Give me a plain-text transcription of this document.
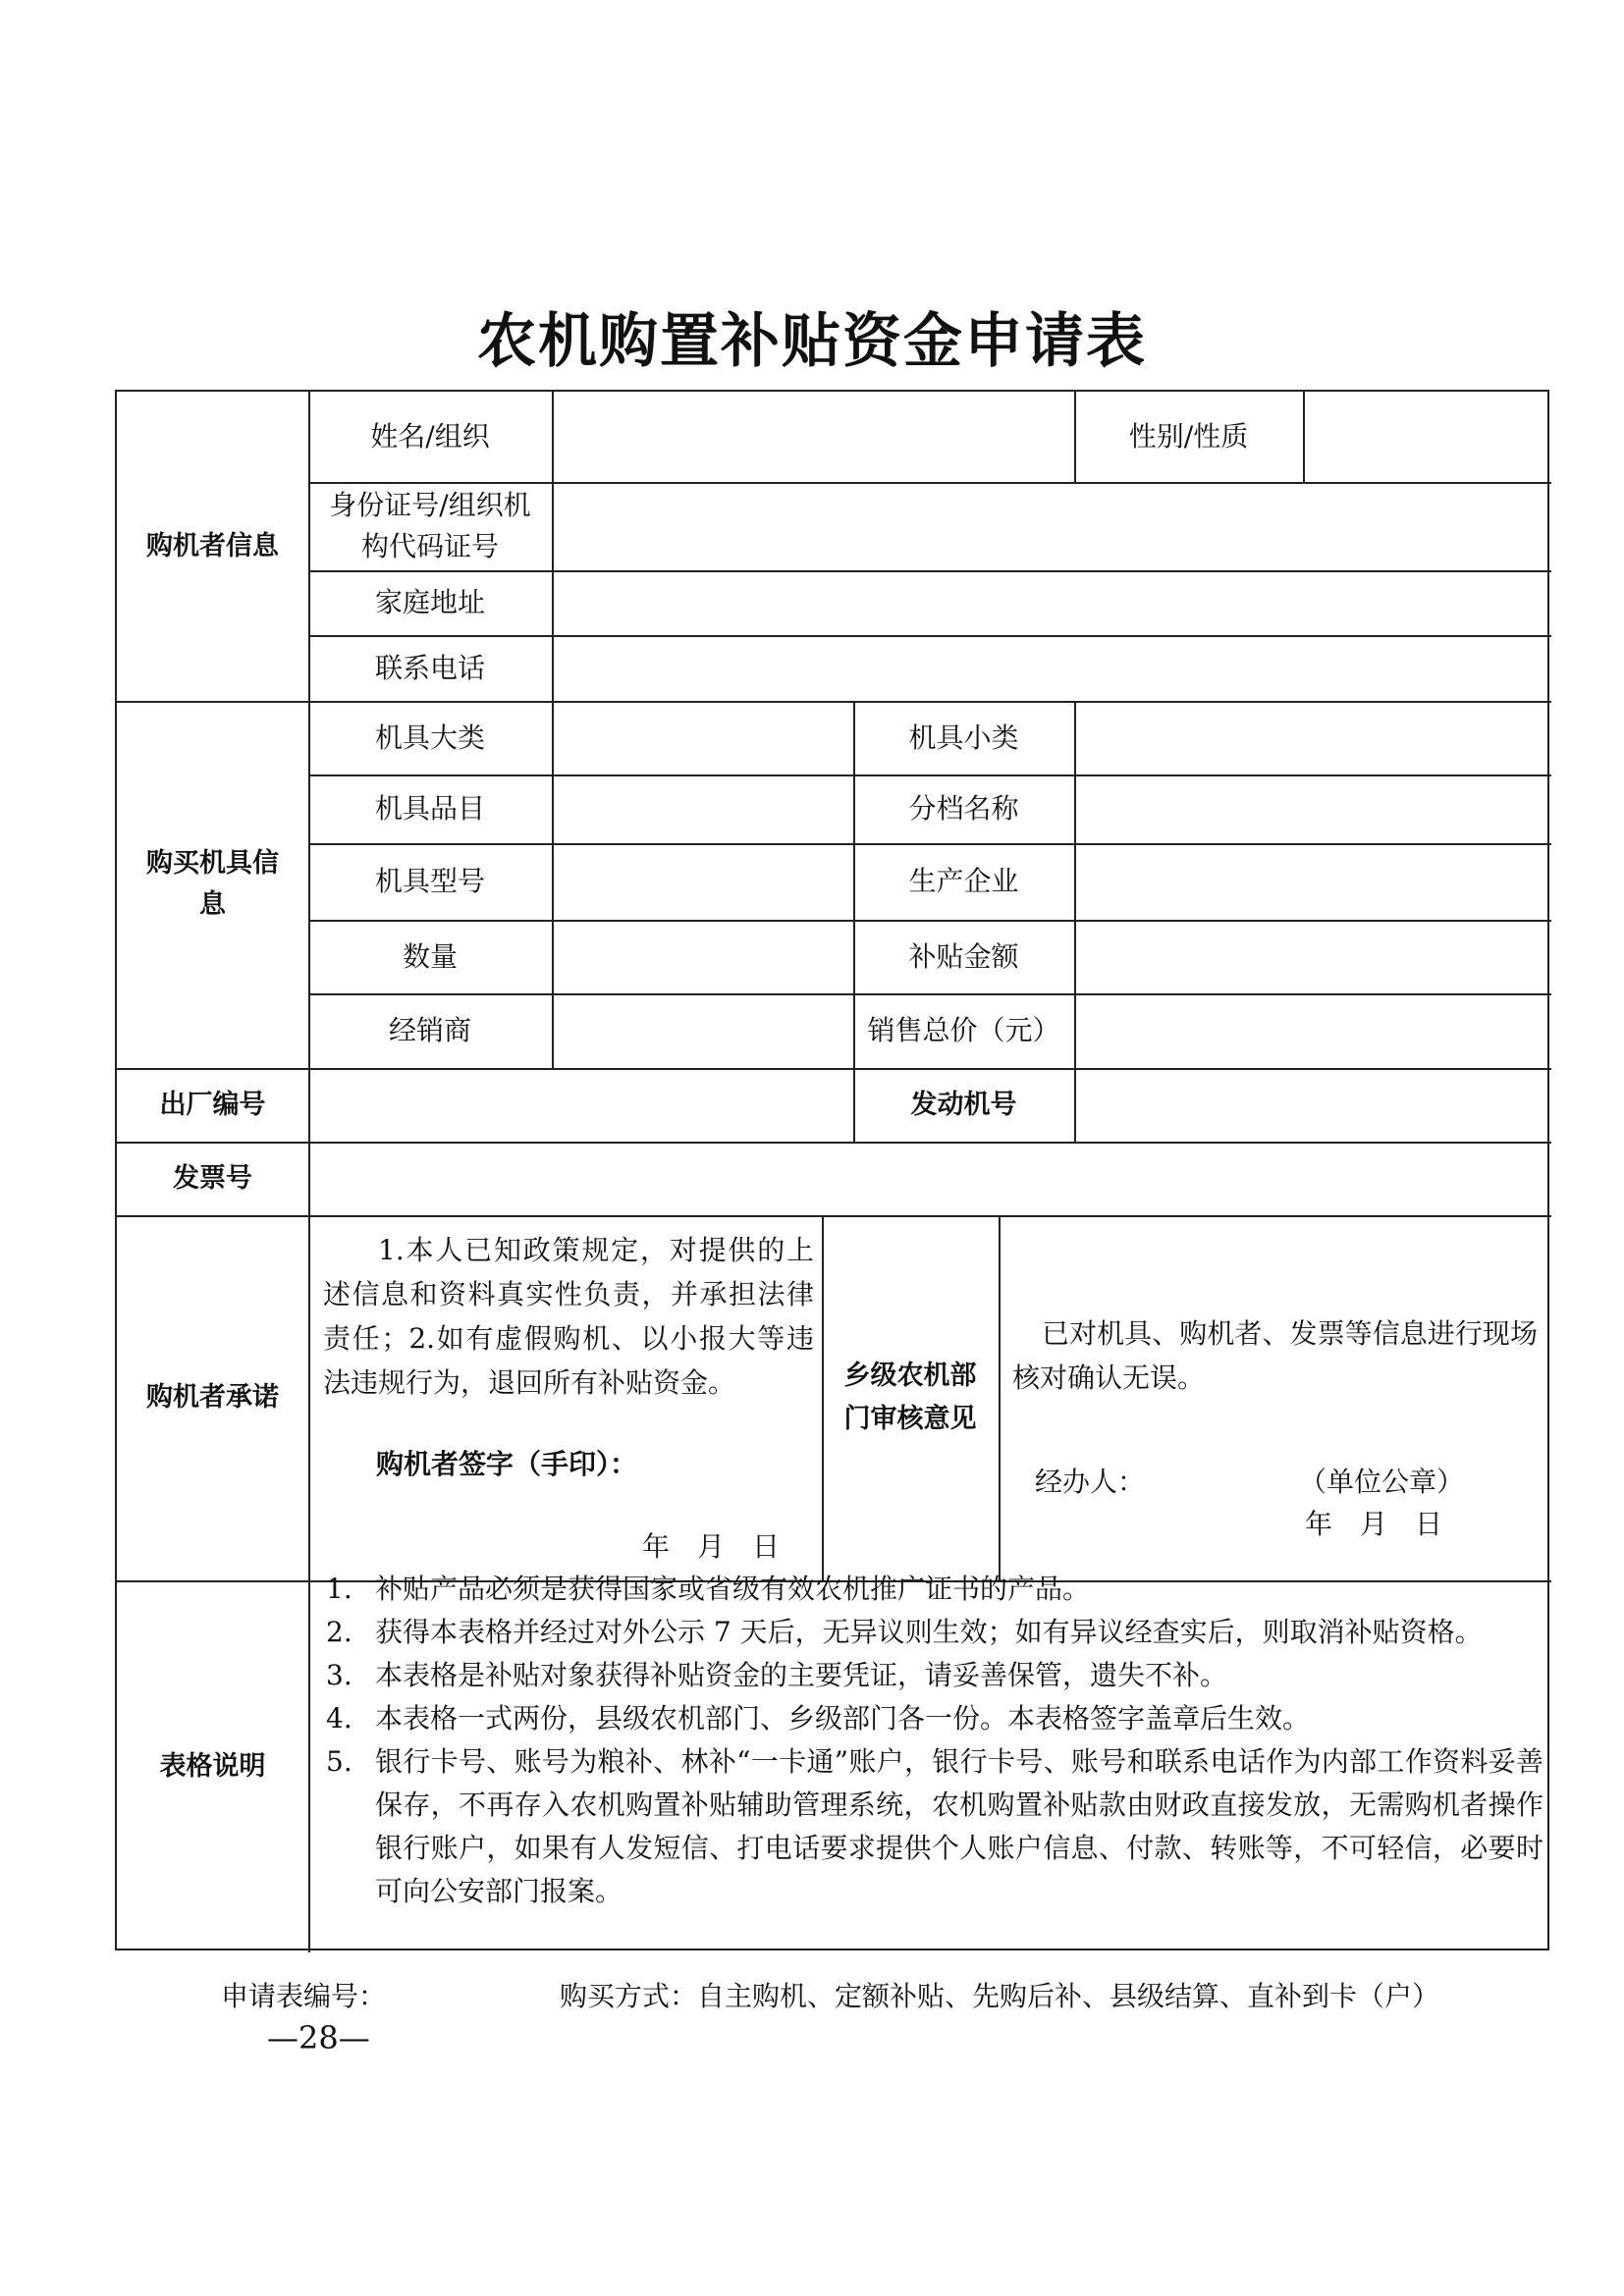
农机购置补贴资金申请表
购机者信息
姓名/组织	性别/性质
身份证号/组织机构代码证号
家庭地址
联系电话
购买机具信息
机具大类	机具小类
机具品目	分档名称
机具型号	生产企业
数量	补贴金额
经销商	销售总价（元）
出厂编号	发动机号
发票号
购机者承诺
1.本人已知政策规定，对提供的上述信息和资料真实性负责，并承担法律责任；2.如有虚假购机、以小报大等违法违规行为，退回所有补贴资金。
购机者签字（手印）：
年　月　日
乡级农机部门审核意见
已对机具、购机者、发票等信息进行现场核对确认无误。
经办人：	（单位公章）
年　月　日
表格说明
1. 补贴产品必须是获得国家或省级有效农机推广证书的产品。
2. 获得本表格并经过对外公示 7 天后，无异议则生效；如有异议经查实后，则取消补贴资格。
3. 本表格是补贴对象获得补贴资金的主要凭证，请妥善保管，遗失不补。
4. 本表格一式两份，县级农机部门、乡级部门各一份。本表格签字盖章后生效。
5. 银行卡号、账号为粮补、林补“一卡通”账户，银行卡号、账号和联系电话作为内部工作资料妥善保存，不再存入农机购置补贴辅助管理系统，农机购置补贴款由财政直接发放，无需购机者操作银行账户，如果有人发短信、打电话要求提供个人账户信息、付款、转账等，不可轻信，必要时可向公安部门报案。
申请表编号：	购买方式：自主购机、定额补贴、先购后补、县级结算、直补到卡（户）
—28—
